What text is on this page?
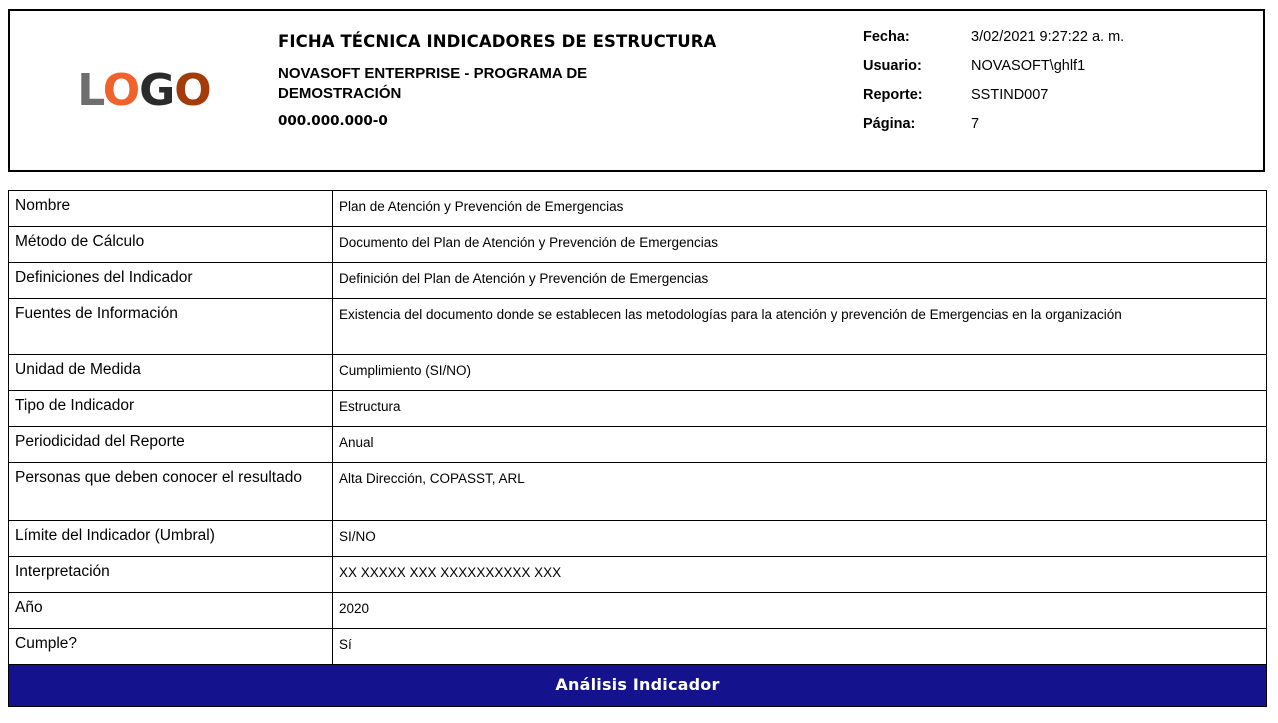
LOGO
FICHA TÉCNICA INDICADORES DE ESTRUCTURA
NOVASOFT ENTERPRISE - PROGRAMA DE DEMOSTRACIÓN
000.000.000-0
Fecha:	3/02/2021 9:27:22 a. m.
Usuario:	NOVASOFT\ghlf1
Reporte:	SSTIND007
Página:	7
Nombre	Plan de Atención y Prevención de Emergencias

Método de Cálculo	Documento del Plan de Atención y Prevención de Emergencias

Definiciones del Indicador	Definición del Plan de Atención y Prevención de Emergencias

Fuentes de Información	Existencia del documento donde se establecen las metodologías para la atención y prevención de Emergencias en la organización

Unidad de Medida	Cumplimiento (SI/NO)

Tipo de Indicador	Estructura

Periodicidad del Reporte	Anual

Personas que deben conocer el resultado	Alta Dirección, COPASST, ARL

Límite del Indicador (Umbral)	SI/NO

Interpretación	XX XXXXX XXX XXXXXXXXXX XXX

Año	2020

Cumple?	Sí

Análisis Indicador	
